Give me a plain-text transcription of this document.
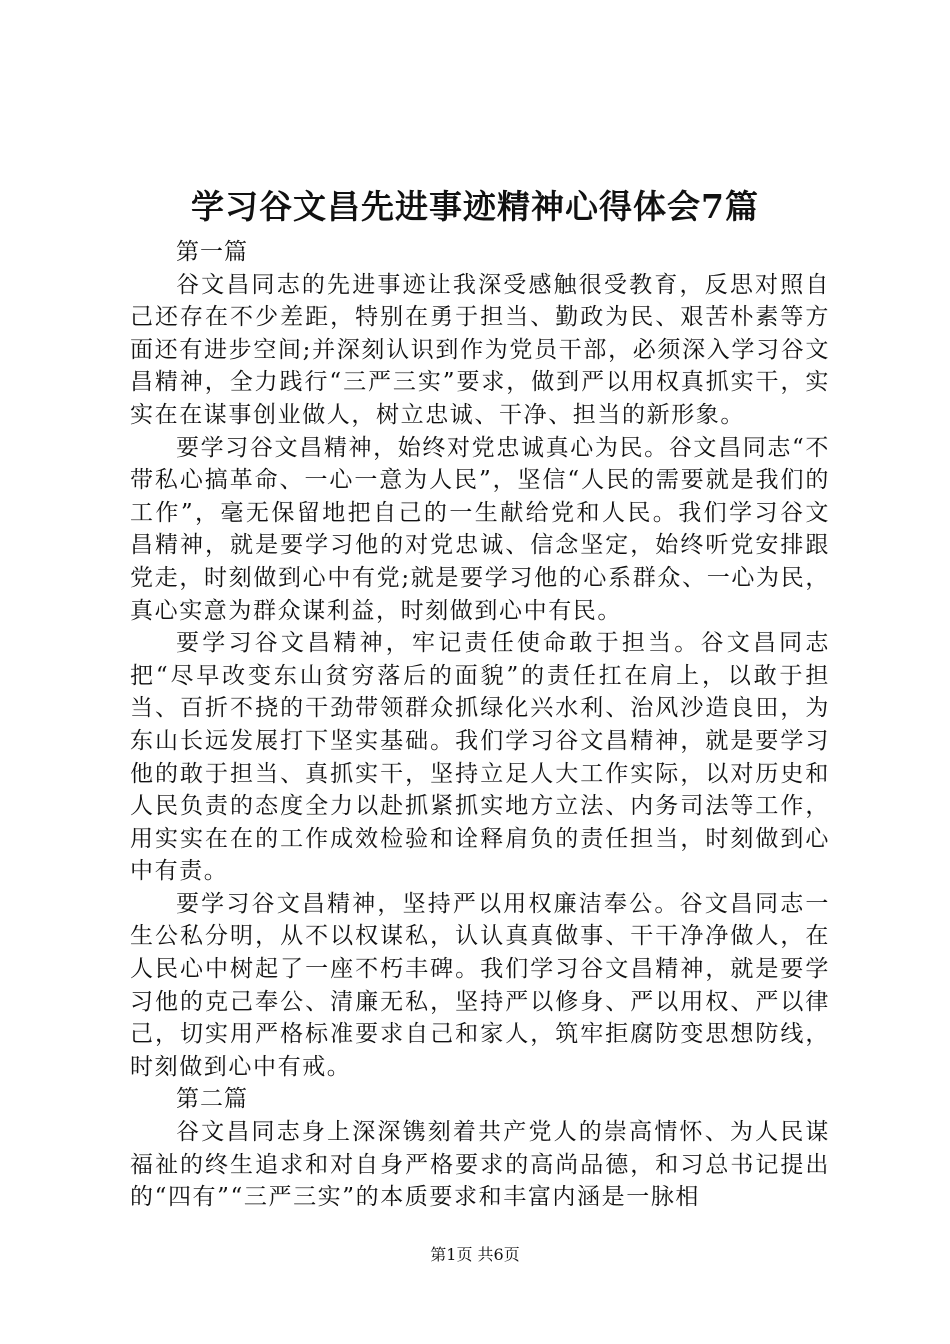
学习谷文昌先进事迹精神心得体会7篇

第一篇

谷文昌同志的先进事迹让我深受感触很受教育，反思对照自己还存在不少差距，特别在勇于担当、勤政为民、艰苦朴素等方面还有进步空间;并深刻认识到作为党员干部，必须深入学习谷文昌精神，全力践行“三严三实”要求，做到严以用权真抓实干，实实在在谋事创业做人，树立忠诚、干净、担当的新形象。

要学习谷文昌精神，始终对党忠诚真心为民。谷文昌同志“不带私心搞革命、一心一意为人民”，坚信“人民的需要就是我们的工作”，毫无保留地把自己的一生献给党和人民。我们学习谷文昌精神，就是要学习他的对党忠诚、信念坚定，始终听党安排跟党走，时刻做到心中有党;就是要学习他的心系群众、一心为民，真心实意为群众谋利益，时刻做到心中有民。

要学习谷文昌精神，牢记责任使命敢于担当。谷文昌同志把“尽早改变东山贫穷落后的面貌”的责任扛在肩上，以敢于担当、百折不挠的干劲带领群众抓绿化兴水利、治风沙造良田，为东山长远发展打下坚实基础。我们学习谷文昌精神，就是要学习他的敢于担当、真抓实干，坚持立足人大工作实际，以对历史和人民负责的态度全力以赴抓紧抓实地方立法、内务司法等工作，用实实在在的工作成效检验和诠释肩负的责任担当，时刻做到心中有责。

要学习谷文昌精神，坚持严以用权廉洁奉公。谷文昌同志一生公私分明，从不以权谋私，认认真真做事、干干净净做人，在人民心中树起了一座不朽丰碑。我们学习谷文昌精神，就是要学习他的克己奉公、清廉无私，坚持严以修身、严以用权、严以律己，切实用严格标准要求自己和家人，筑牢拒腐防变思想防线，时刻做到心中有戒。

第二篇

谷文昌同志身上深深镌刻着共产党人的崇高情怀、为人民谋福祉的终生追求和对自身严格要求的高尚品德，和习总书记提出的“四有”“三严三实”的本质要求和丰富内涵是一脉相

第1页 共6页
